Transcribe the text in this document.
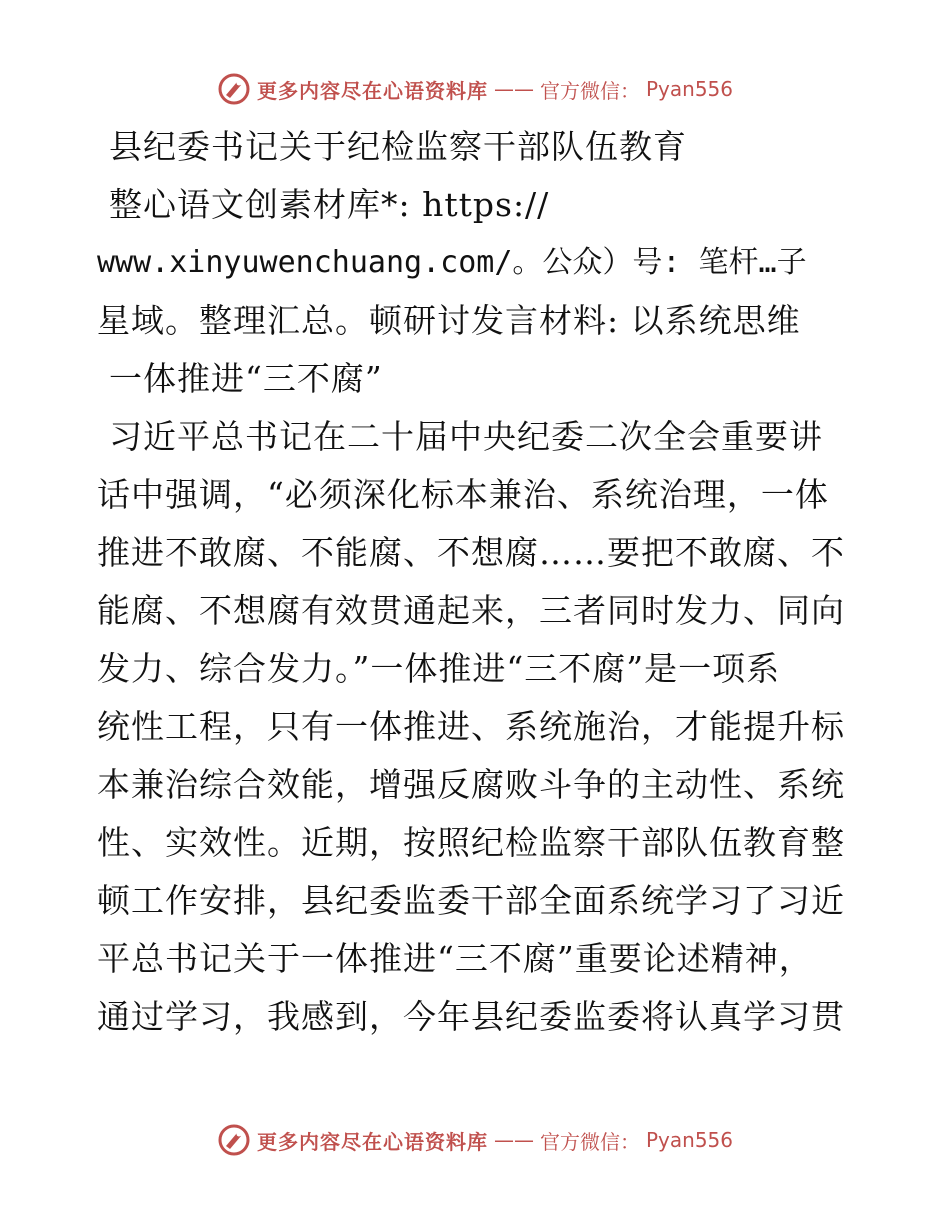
更多内容尽在心语资料库 —— 官方微信： Pyan556
县纪委书记关于纪检监察干部队伍教育
整心语文创素材库*: https://
www.xinyuwenchuang.com/。公众）号: 笔杆…子
星域。整理汇总。顿研讨发言材料: 以系统思维
一体推进“三不腐”
习近平总书记在二十届中央纪委二次全会重要讲
话中强调，“必须深化标本兼治、系统治理，一体
推进不敢腐、不能腐、不想腐……要把不敢腐、不
能腐、不想腐有效贯通起来，三者同时发力、同向
发力、综合发力。”一体推进“三不腐”是一项系
统性工程，只有一体推进、系统施治，才能提升标
本兼治综合效能，增强反腐败斗争的主动性、系统
性、实效性。近期，按照纪检监察干部队伍教育整
顿工作安排，县纪委监委干部全面系统学习了习近
平总书记关于一体推进“三不腐”重要论述精神，
通过学习，我感到，今年县纪委监委将认真学习贯
更多内容尽在心语资料库 —— 官方微信： Pyan556
